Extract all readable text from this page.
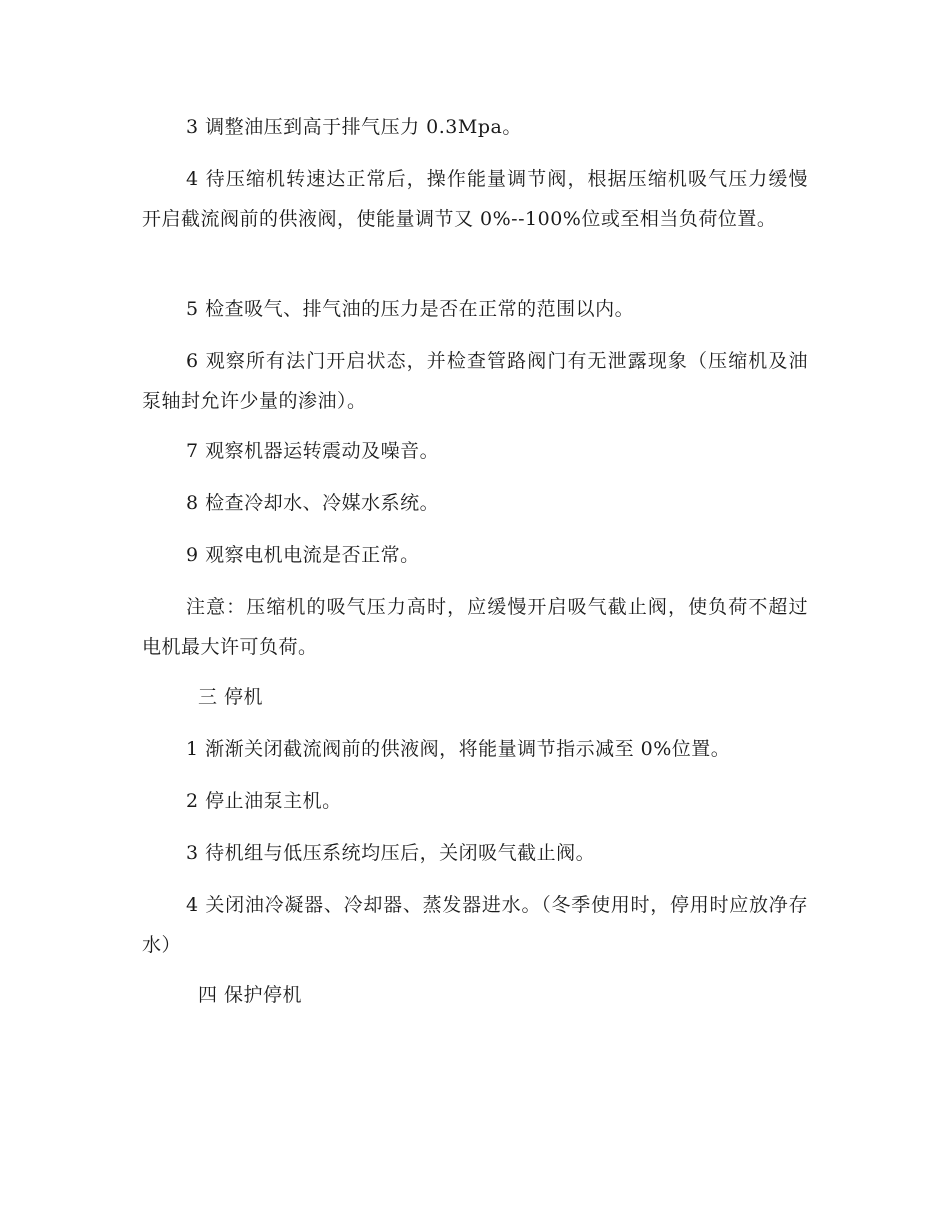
3 调整油压到高于排气压力 0.3Mpa。

4 待压缩机转速达正常后，操作能量调节阀，根据压缩机吸气压力缓慢开启截流阀前的供液阀，使能量调节又 0%--100%位或至相当负荷位置。

5 检查吸气、排气油的压力是否在正常的范围以内。

6 观察所有法门开启状态，并检查管路阀门有无泄露现象（压缩机及油泵轴封允许少量的渗油）。

7 观察机器运转震动及噪音。

8 检查冷却水、冷媒水系统。

9 观察电机电流是否正常。

注意：压缩机的吸气压力高时，应缓慢开启吸气截止阀，使负荷不超过电机最大许可负荷。

三 停机

1 渐渐关闭截流阀前的供液阀，将能量调节指示减至 0%位置。

2 停止油泵主机。

3 待机组与低压系统均压后，关闭吸气截止阀。

4 关闭油冷凝器、冷却器、蒸发器进水。（冬季使用时，停用时应放净存水）

四 保护停机
